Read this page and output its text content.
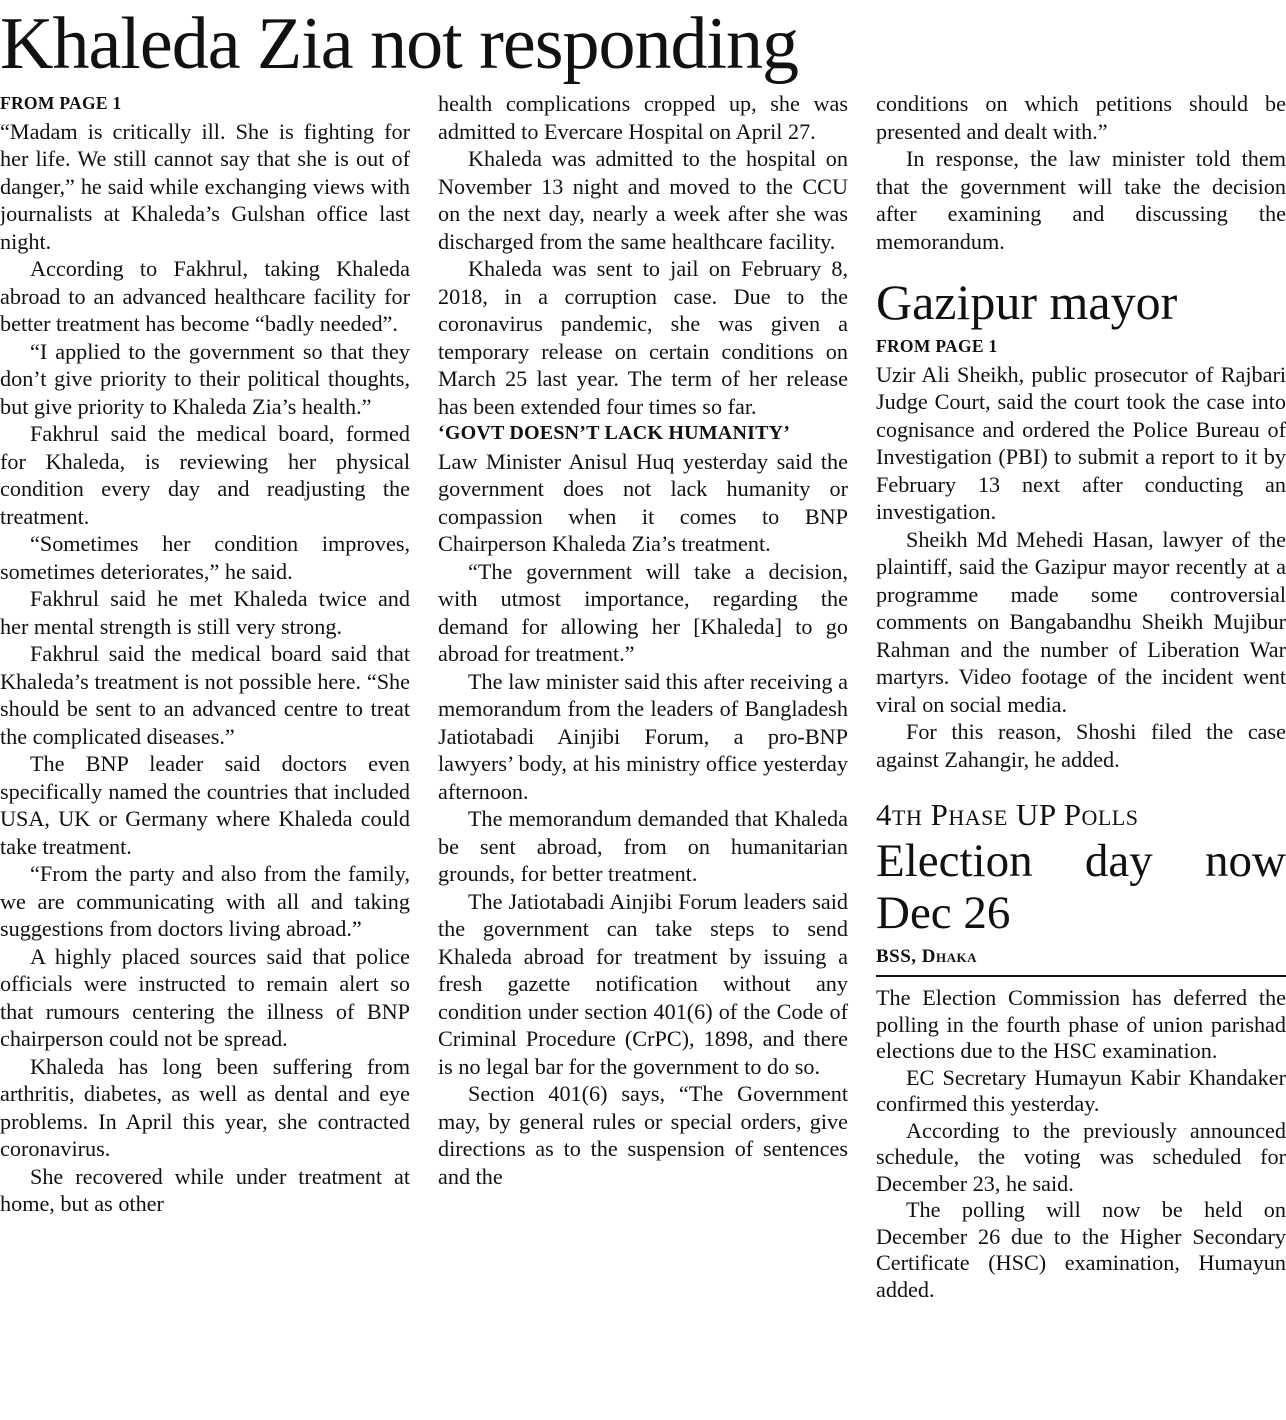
Khaleda Zia not responding
FROM PAGE 1

“Madam is critically ill. She is fighting for her life. We still cannot say that she is out of danger,” he said while exchanging views with journalists at Khaleda’s Gulshan office last night.

According to Fakhrul, taking Khaleda abroad to an advanced healthcare facility for better treatment has become “badly needed”.

“I applied to the government so that they don’t give priority to their political thoughts, but give priority to Khaleda Zia’s health.”

Fakhrul said the medical board, formed for Khaleda, is reviewing her physical condition every day and readjusting the treatment.

“Sometimes her condition improves, sometimes deteriorates,” he said.

Fakhrul said he met Khaleda twice and her mental strength is still very strong.

Fakhrul said the medical board said that Khaleda’s treatment is not possible here. “She should be sent to an advanced centre to treat the complicated diseases.”

The BNP leader said doctors even specifically named the countries that included USA, UK or Germany where Khaleda could take treatment.

“From the party and also from the family, we are communicating with all and taking suggestions from doctors living abroad.”

A highly placed sources said that police officials were instructed to remain alert so that rumours centering the illness of BNP chairperson could not be spread.

Khaleda has long been suffering from arthritis, diabetes, as well as dental and eye problems. In April this year, she contracted coronavirus.

She recovered while under treatment at home, but as other

health complications cropped up, she was admitted to Evercare Hospital on April 27.

Khaleda was admitted to the hospital on November 13 night and moved to the CCU on the next day, nearly a week after she was discharged from the same healthcare facility.

Khaleda was sent to jail on February 8, 2018, in a corruption case. Due to the coronavirus pandemic, she was given a temporary release on certain conditions on March 25 last year. The term of her release has been extended four times so far.

‘GOVT DOESN’T LACK HUMANITY’

Law Minister Anisul Huq yesterday said the government does not lack humanity or compassion when it comes to BNP Chairperson Khaleda Zia’s treatment.

“The government will take a decision, with utmost importance, regarding the demand for allowing her [Khaleda] to go abroad for treatment.”

The law minister said this after receiving a memorandum from the leaders of Bangladesh Jatiotabadi Ainjibi Forum, a pro-BNP lawyers’ body, at his ministry office yesterday afternoon.

The memorandum demanded that Khaleda be sent abroad, from on humanitarian grounds, for better treatment.

The Jatiotabadi Ainjibi Forum leaders said the government can take steps to send Khaleda abroad for treatment by issuing a fresh gazette notification without any condition under section 401(6) of the Code of Criminal Procedure (CrPC), 1898, and there is no legal bar for the government to do so.

Section 401(6) says, “The Government may, by general rules or special orders, give directions as to the suspension of sentences and the

conditions on which petitions should be presented and dealt with.”

In response, the law minister told them that the government will take the decision after examining and discussing the memorandum.

Gazipur mayor
FROM PAGE 1

Uzir Ali Sheikh, public prosecutor of Rajbari Judge Court, said the court took the case into cognisance and ordered the Police Bureau of Investigation (PBI) to submit a report to it by February 13 next after conducting an investigation.

Sheikh Md Mehedi Hasan, lawyer of the plaintiff, said the Gazipur mayor recently at a programme made some controversial comments on Bangabandhu Sheikh Mujibur Rahman and the number of Liberation War martyrs. Video footage of the incident went viral on social media.

For this reason, Shoshi filed the case against Zahangir, he added.

4th Phase UP Polls
Election day now Dec 26
BSS, Dhaka

The Election Commission has deferred the polling in the fourth phase of union parishad elections due to the HSC examination.

EC Secretary Humayun Kabir Khandaker confirmed this yesterday.

According to the previously announced schedule, the voting was scheduled for December 23, he said.

The polling will now be held on December 26 due to the Higher Secondary Certificate (HSC) examination, Humayun added.
